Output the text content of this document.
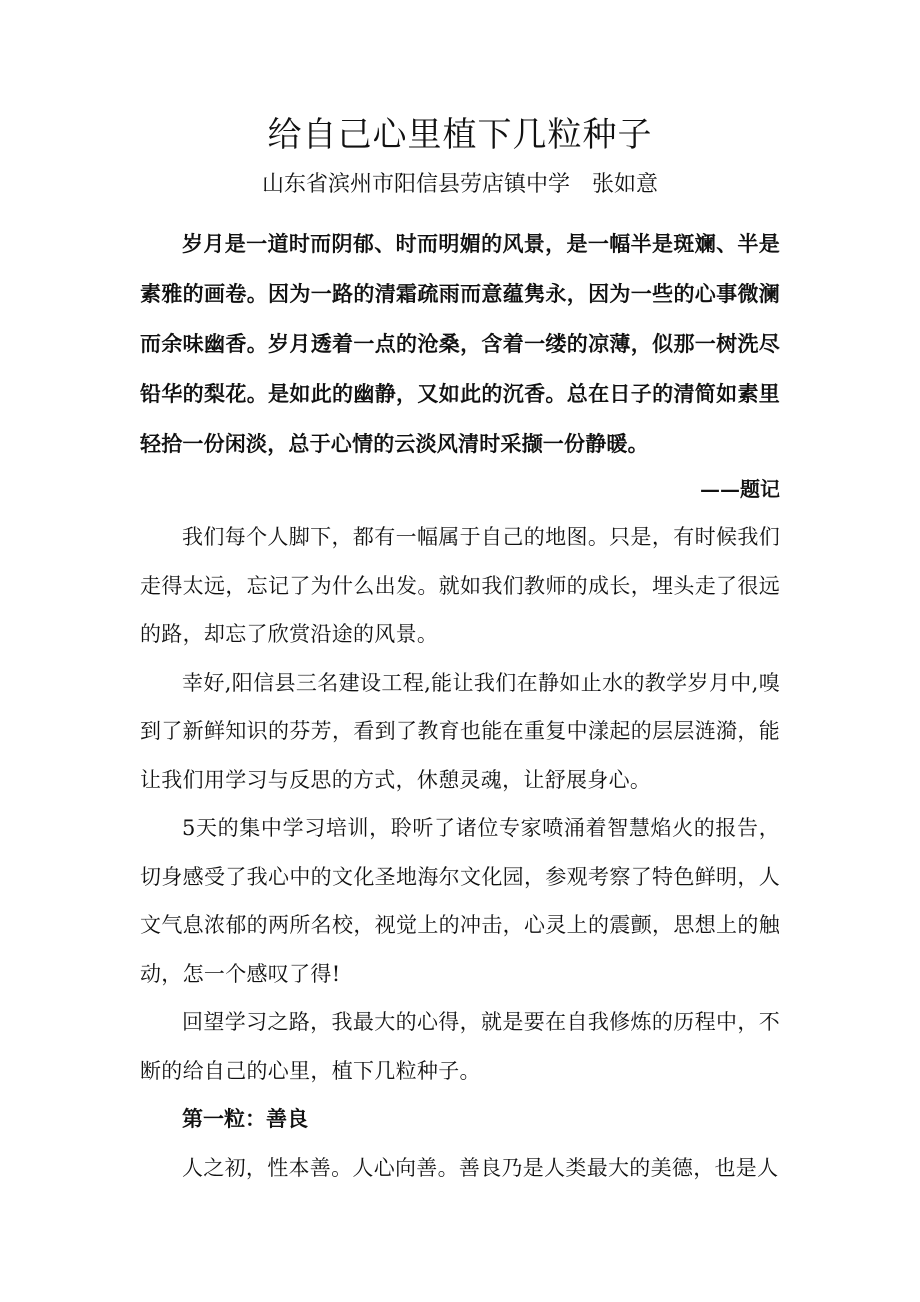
给自己心里植下几粒种子

山东省滨州市阳信县劳店镇中学　张如意

岁月是一道时而阴郁、时而明媚的风景，是一幅半是斑斓、半是素雅的画卷。因为一路的清霜疏雨而意蕴隽永，因为一些的心事微澜而余味幽香。岁月透着一点的沧桑，含着一缕的凉薄，似那一树洗尽铅华的梨花。是如此的幽静，又如此的沉香。总在日子的清简如素里轻拾一份闲淡，总于心情的云淡风清时采撷一份静暖。

——题记

我们每个人脚下，都有一幅属于自己的地图。只是，有时候我们走得太远，忘记了为什么出发。就如我们教师的成长，埋头走了很远的路，却忘了欣赏沿途的风景。

幸好,阳信县三名建设工程,能让我们在静如止水的教学岁月中,嗅到了新鲜知识的芬芳，看到了教育也能在重复中漾起的层层涟漪，能让我们用学习与反思的方式，休憩灵魂，让舒展身心。

5天的集中学习培训，聆听了诸位专家喷涌着智慧焰火的报告，切身感受了我心中的文化圣地海尔文化园，参观考察了特色鲜明，人文气息浓郁的两所名校，视觉上的冲击，心灵上的震颤，思想上的触动，怎一个感叹了得!

回望学习之路，我最大的心得，就是要在自我修炼的历程中，不断的给自己的心里，植下几粒种子。

第一粒：善良

人之初，性本善。人心向善。善良乃是人类最大的美德，也是人
